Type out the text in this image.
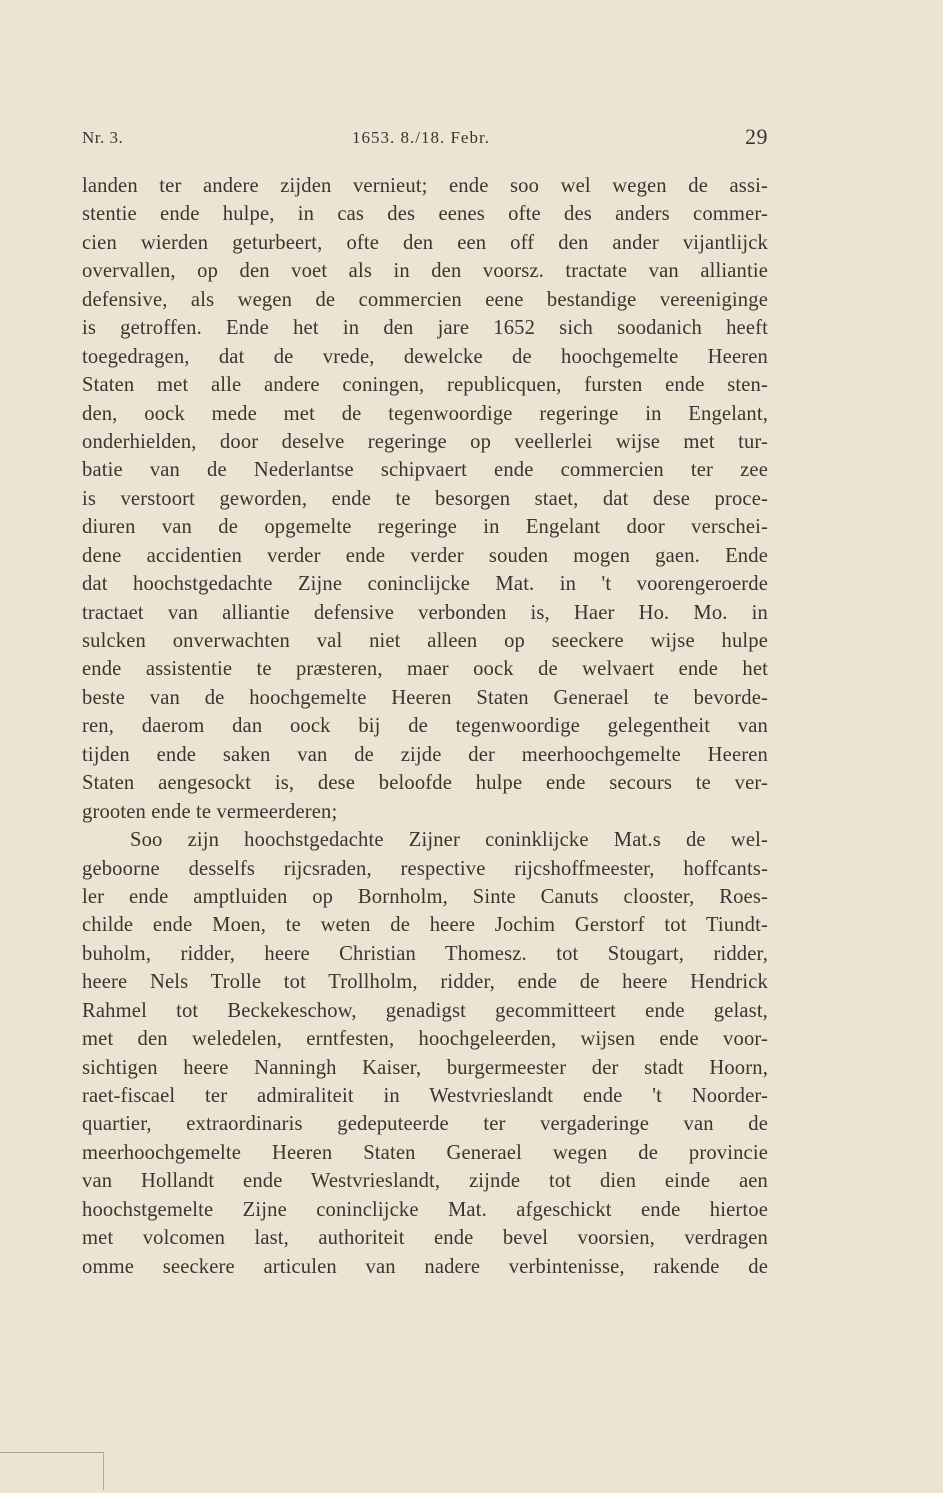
Nr. 3.	1653. 8./18. Febr.	29
landen ter andere zijden vernieut; ende soo wel wegen de assi-
stentie ende hulpe, in cas des eenes ofte des anders commer-
cien wierden geturbeert, ofte den een off den ander vijantlijck
overvallen, op den voet als in den voorsz. tractate van alliantie
defensive, als wegen de commercien eene bestandige vereeniginge
is getroffen. Ende het in den jare 1652 sich soodanich heeft
toegedragen, dat de vrede, dewelcke de hoochgemelte Heeren
Staten met alle andere coningen, republicquen, fursten ende sten-
den, oock mede met de tegenwoordige regeringe in Engelant,
onderhielden, door deselve regeringe op veellerlei wijse met tur-
batie van de Nederlantse schipvaert ende commercien ter zee
is verstoort geworden, ende te besorgen staet, dat dese proce-
diuren van de opgemelte regeringe in Engelant door verschei-
dene accidentien verder ende verder souden mogen gaen. Ende
dat hoochstgedachte Zijne coninclijcke Mat. in 't voorengeroerde
tractaet van alliantie defensive verbonden is, Haer Ho. Mo. in
sulcken onverwachten val niet alleen op seeckere wijse hulpe
ende assistentie te præsteren, maer oock de welvaert ende het
beste van de hoochgemelte Heeren Staten Generael te bevorde-
ren, daerom dan oock bij de tegenwoordige gelegentheit van
tijden ende saken van de zijde der meerhoochgemelte Heeren
Staten aengesockt is, dese beloofde hulpe ende secours te ver-
grooten ende te vermeerderen;
Soo zijn hoochstgedachte Zijner coninklijcke Mat.s de wel-
geboorne desselfs rijcsraden, respective rijcshoffmeester, hoffcants-
ler ende amptluiden op Bornholm, Sinte Canuts clooster, Roes-
childe ende Moen, te weten de heere Jochim Gerstorf tot Tiundt-
buholm, ridder, heere Christian Thomesz. tot Stougart, ridder,
heere Nels Trolle tot Trollholm, ridder, ende de heere Hendrick
Rahmel tot Beckekeschow, genadigst gecommitteert ende gelast,
met den weledelen, erntfesten, hoochgeleerden, wijsen ende voor-
sichtigen heere Nanningh Kaiser, burgermeester der stadt Hoorn,
raet-fiscael ter admiraliteit in Westvrieslandt ende 't Noorder-
quartier, extraordinaris gedeputeerde ter vergaderinge van de
meerhoochgemelte Heeren Staten Generael wegen de provincie
van Hollandt ende Westvrieslandt, zijnde tot dien einde aen
hoochstgemelte Zijne coninclijcke Mat. afgeschickt ende hiertoe
met volcomen last, authoriteit ende bevel voorsien, verdragen
omme seeckere articulen van nadere verbintenisse, rakende de
